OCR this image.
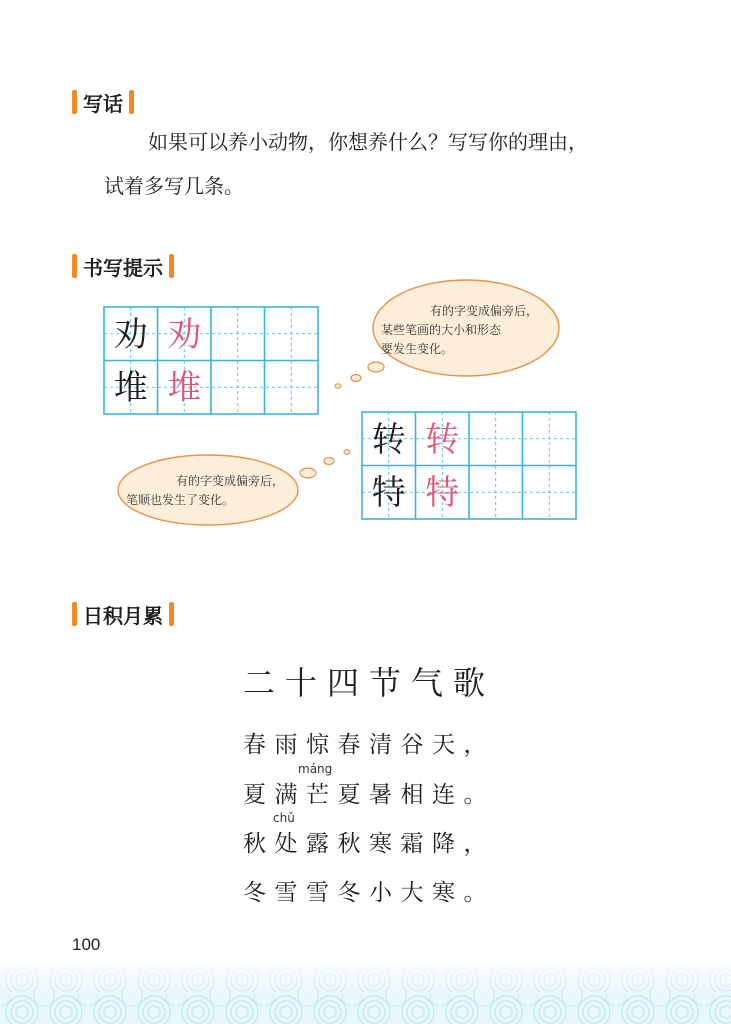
写话
如果可以养小动物，你想养什么？写写你的理由，
试着多写几条。
书写提示
劝 劝
堆 堆
转 转
特 特
有的字变成偏旁后，
某些笔画的大小和形态
要发生变化。
有的字变成偏旁后，
笔顺也发生了变化。
日积月累
二十四节气歌
春雨惊春清谷天，
máng
夏满芒夏暑相连。
chǔ
秋处露秋寒霜降，
冬雪雪冬小大寒。
100
